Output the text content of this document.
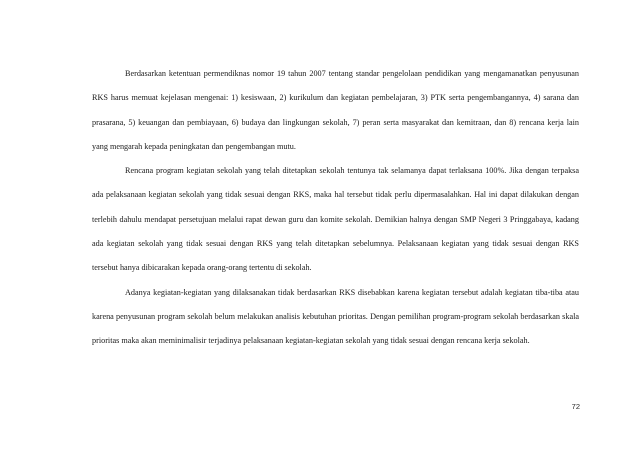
Berdasarkan ketentuan permendiknas nomor 19 tahun 2007 tentang standar pengelolaan pendidikan yang mengamanatkan penyusunan RKS harus memuat kejelasan mengenai: 1) kesiswaan, 2) kurikulum dan kegiatan pembelajaran, 3) PTK serta pengembangannya, 4) sarana dan prasarana, 5) keuangan dan pembiayaan, 6) budaya dan lingkungan sekolah, 7) peran serta masyarakat dan kemitraan, dan 8) rencana kerja lain yang mengarah kepada peningkatan dan pengembangan mutu.

Rencana program kegiatan sekolah yang telah ditetapkan sekolah tentunya tak selamanya dapat terlaksana 100%. Jika dengan terpaksa ada pelaksanaan kegiatan sekolah yang tidak sesuai dengan RKS, maka hal tersebut tidak perlu dipermasalahkan. Hal ini dapat dilakukan dengan terlebih dahulu mendapat persetujuan melalui rapat dewan guru dan komite sekolah. Demikian halnya dengan SMP Negeri 3 Pringgabaya, kadang ada kegiatan sekolah yang tidak sesuai dengan RKS yang telah ditetapkan sebelumnya. Pelaksanaan kegiatan yang tidak sesuai dengan RKS tersebut hanya dibicarakan kepada orang-orang tertentu di sekolah.

Adanya kegiatan-kegiatan yang dilaksanakan tidak berdasarkan RKS disebabkan karena kegiatan tersebut adalah kegiatan tiba-tiba atau karena penyusunan program sekolah belum melakukan analisis kebutuhan prioritas. Dengan pemilihan program-program sekolah berdasarkan skala prioritas maka akan meminimalisir terjadinya pelaksanaan kegiatan-kegiatan sekolah yang tidak sesuai dengan rencana kerja sekolah.

72
